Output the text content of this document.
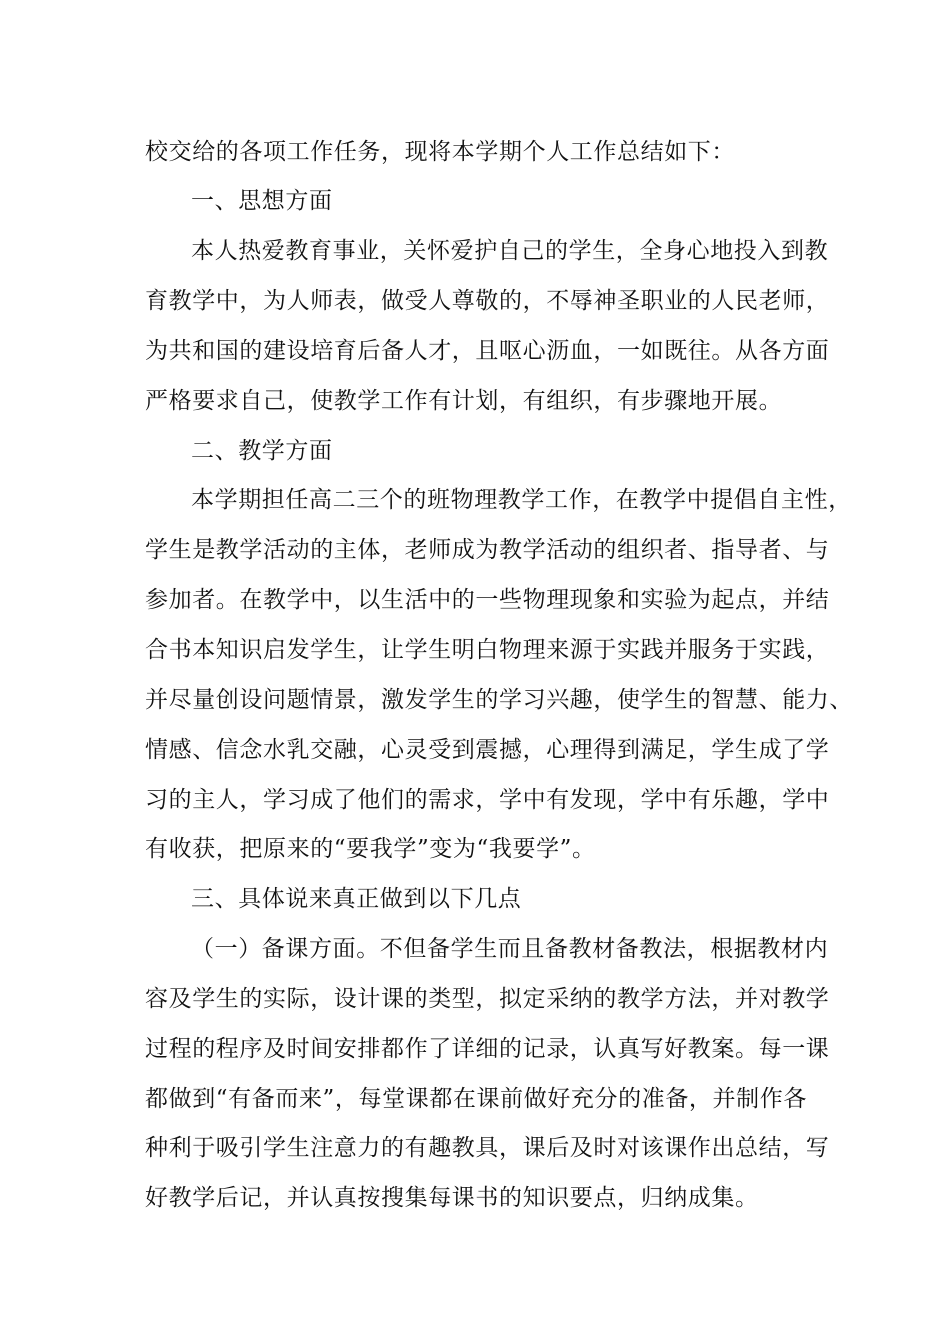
校交给的各项工作任务，现将本学期个人工作总结如下：
一、思想方面
本人热爱教育事业，关怀爱护自己的学生，全身心地投入到教
育教学中，为人师表，做受人尊敬的，不辱神圣职业的人民老师，
为共和国的建设培育后备人才，且呕心沥血，一如既往。从各方面
严格要求自己，使教学工作有计划，有组织，有步骤地开展。
二、教学方面
本学期担任高二三个的班物理教学工作，在教学中提倡自主性，
学生是教学活动的主体，老师成为教学活动的组织者、指导者、与
参加者。在教学中，以生活中的一些物理现象和实验为起点，并结
合书本知识启发学生，让学生明白物理来源于实践并服务于实践，
并尽量创设问题情景，激发学生的学习兴趣，使学生的智慧、能力、
情感、信念水乳交融，心灵受到震撼，心理得到满足，学生成了学
习的主人，学习成了他们的需求，学中有发现，学中有乐趣，学中
有收获，把原来的“要我学”变为“我要学”。
三、具体说来真正做到以下几点
（一）备课方面。不但备学生而且备教材备教法，根据教材内
容及学生的实际，设计课的类型，拟定采纳的教学方法，并对教学
过程的程序及时间安排都作了详细的记录，认真写好教案。每一课
都做到“有备而来”，每堂课都在课前做好充分的准备，并制作各
种利于吸引学生注意力的有趣教具，课后及时对该课作出总结，写
好教学后记，并认真按搜集每课书的知识要点，归纳成集。
